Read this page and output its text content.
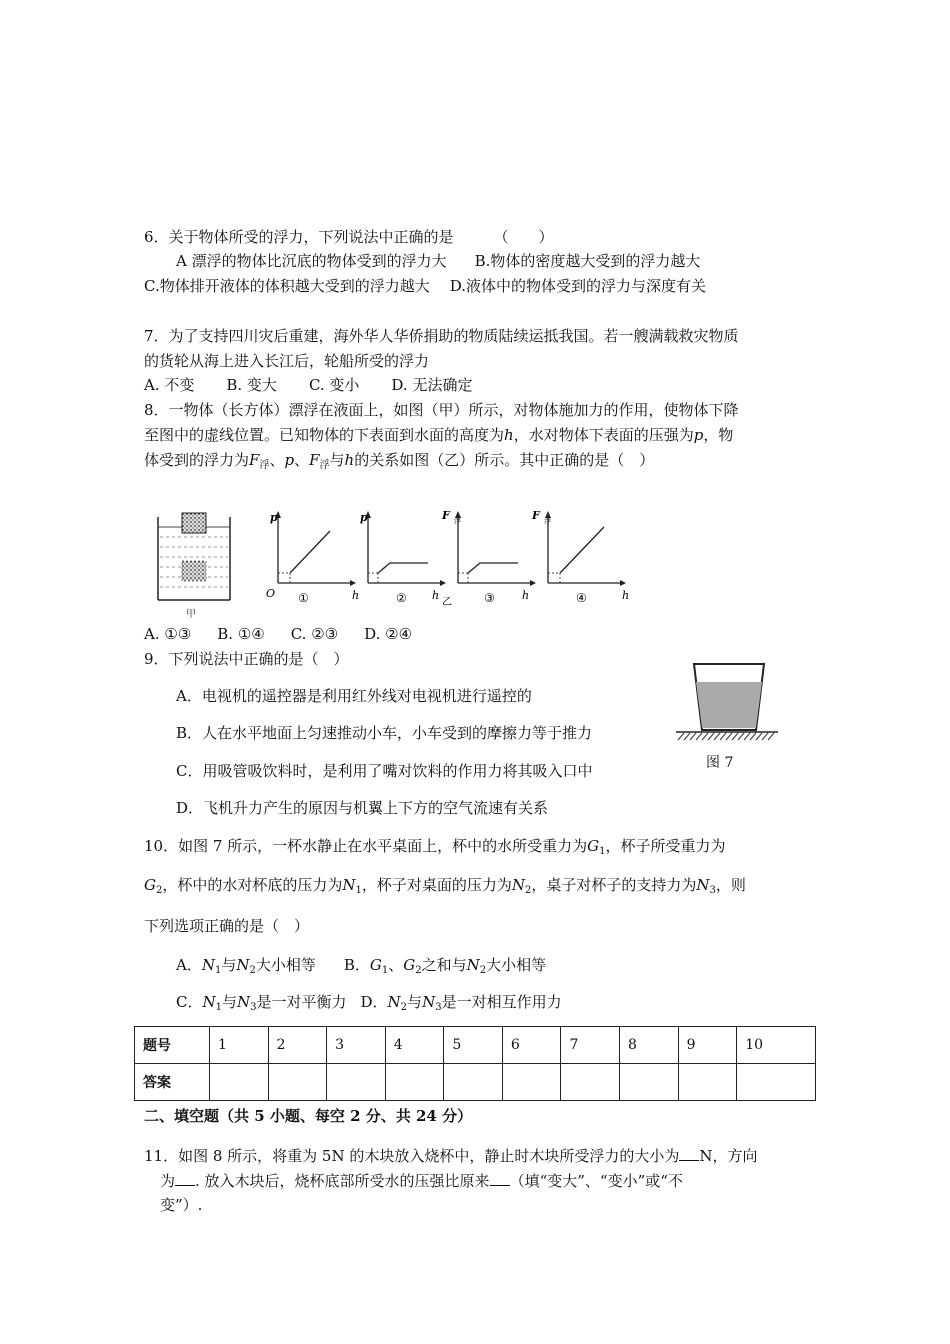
6．关于物体所受的浮力，下列说法中正确的是	（　　）
A 漂浮的物体比沉底的物体受到的浮力大 B.物体的密度越大受到的浮力越大
C.物体排开液体的体积越大受到的浮力越大 D.液体中的物体受到的浮力与深度有关
7．为了支持四川灾后重建，海外华人华侨捐助的物质陆续运抵我国。若一艘满载救灾物质
的货轮从海上进入长江后，轮船所受的浮力
A. 不变 B. 变大 C. 变小 D. 无法确定
8．一物体（长方体）漂浮在液面上，如图（甲）所示，对物体施加力的作用，使物体下降
至图中的虚线位置。已知物体的下表面到水面的高度为h，水对物体下表面的压强为p，物
体受到的浮力为$F_浮$、p、$F_浮$与h的关系如图（乙）所示。其中正确的是（　）
甲
p
O	h
①
p
h
②
F 浮
h
乙	③
F 浮
h
④
A. ①③ B. ①④ C. ②③ D. ②④
9．下列说法中正确的是（　）
A．电视机的遥控器是利用红外线对电视机进行遥控的
B．人在水平地面上匀速推动小车，小车受到的摩擦力等于推力
C．用吸管吸饮料时，是利用了嘴对饮料的作用力将其吸入口中
D．飞机升力产生的原因与机翼上下方的空气流速有关系
图 7
10．如图 7 所示，一杯水静止在水平桌面上，杯中的水所受重力为$G_1$，杯子所受重力为
$G_2$，杯中的水对杯底的压力为$N_1$，杯子对桌面的压力为$N_2$，桌子对杯子的支持力为$N_3$，则
下列选项正确的是（　）
A．$N_1$与$N_2$大小相等 B．$G_1$、$G_2$之和与$N_2$大小相等
C．$N_1$与$N_3$是一对平衡力 D．$N_2$与$N_3$是一对相互作用力
题号	1	2	3	4	5	6	7	8	9	10
答案										
二、填空题（共 5 小题、每空 2 分、共 24 分）
11．如图 8 所示，将重为 5N 的木块放入烧杯中，静止时木块所受浮力的大小为 N，方向
为 . 放入木块后，烧杯底部所受水的压强比原来 （填“变大”、“变小”或“不
变”）.
